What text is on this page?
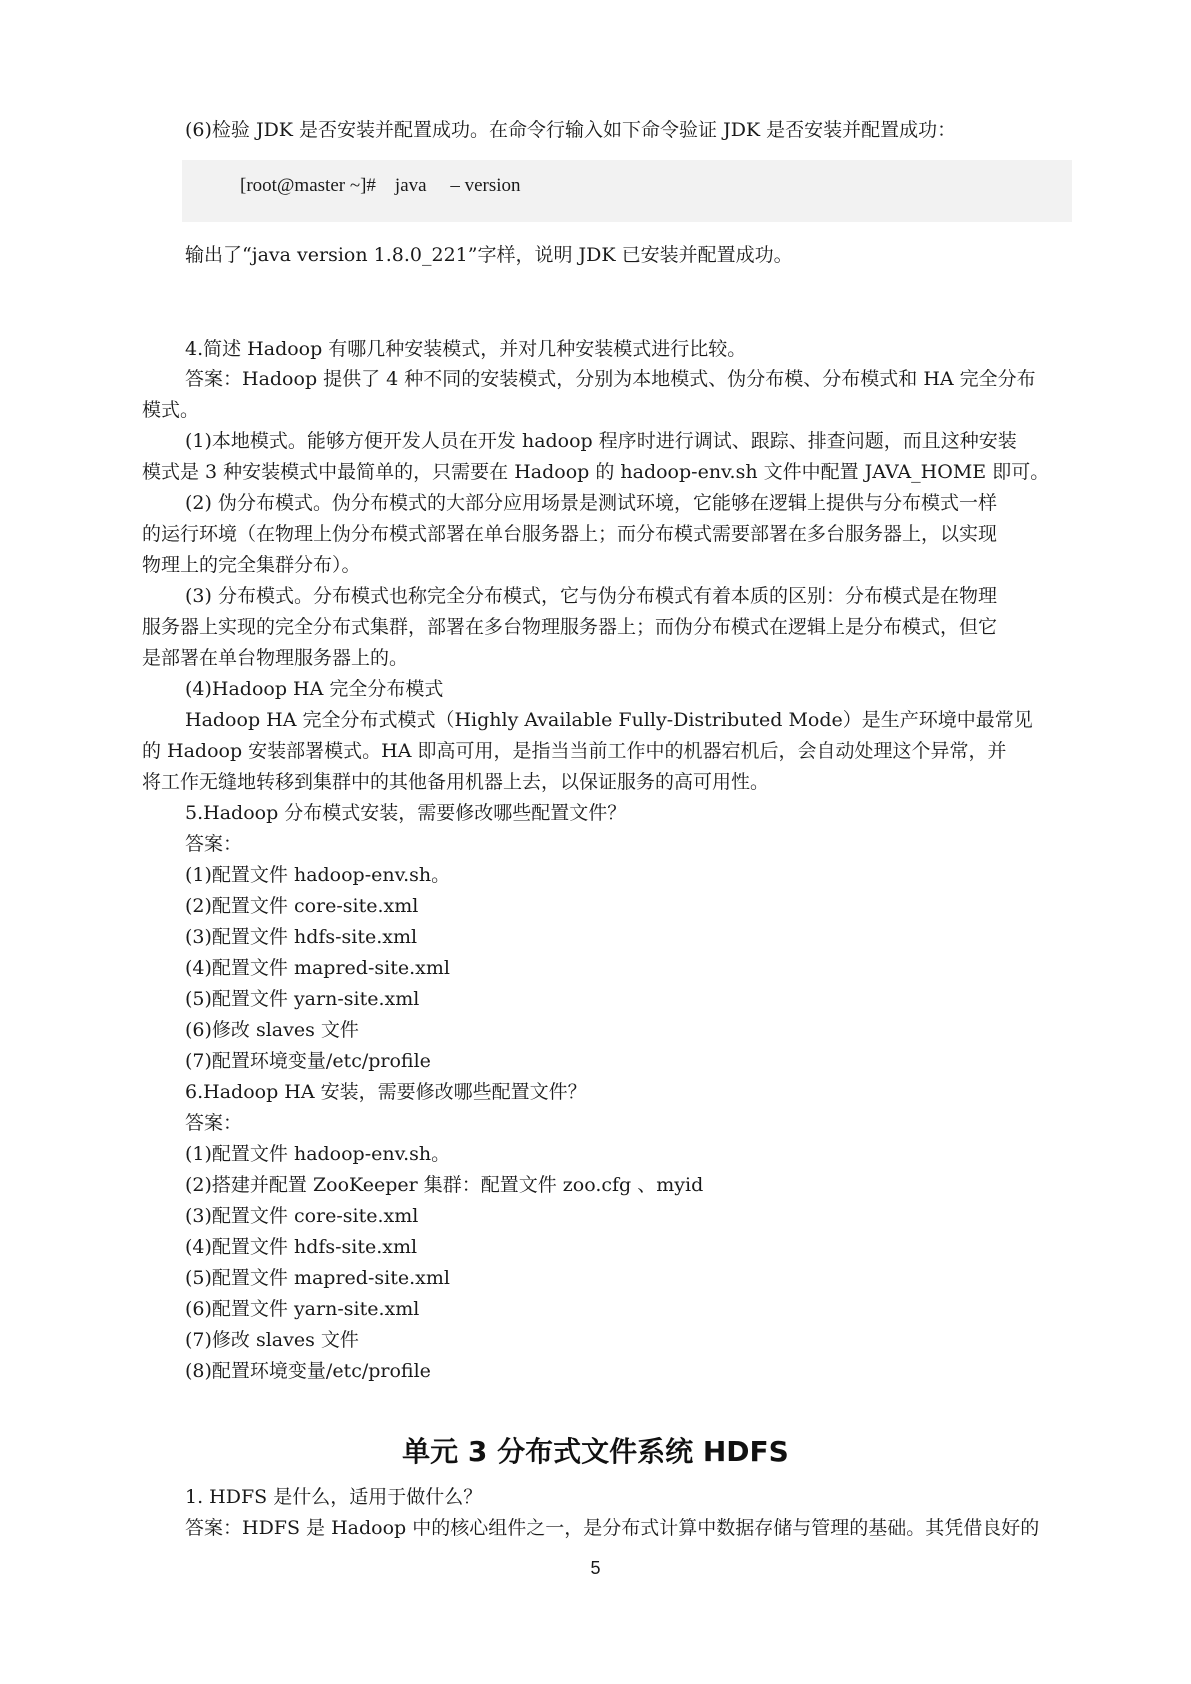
(6)检验 JDK 是否安装并配置成功。在命令行输入如下命令验证 JDK 是否安装并配置成功：
[root@master ~]#    java     – version
输出了“java version 1.8.0_221”字样，说明 JDK 已安装并配置成功。
4.简述 Hadoop 有哪几种安装模式，并对几种安装模式进行比较。
答案：Hadoop 提供了 4 种不同的安装模式，分别为本地模式、伪分布模、分布模式和 HA 完全分布
模式。
(1)本地模式。能够方便开发人员在开发 hadoop 程序时进行调试、跟踪、排查问题，而且这种安装
模式是 3 种安装模式中最简单的，只需要在 Hadoop 的 hadoop-env.sh 文件中配置 JAVA_HOME 即可。
(2) 伪分布模式。伪分布模式的大部分应用场景是测试环境，它能够在逻辑上提供与分布模式一样
的运行环境（在物理上伪分布模式部署在单台服务器上；而分布模式需要部署在多台服务器上，以实现
物理上的完全集群分布）。
(3) 分布模式。分布模式也称完全分布模式，它与伪分布模式有着本质的区别：分布模式是在物理
服务器上实现的完全分布式集群，部署在多台物理服务器上；而伪分布模式在逻辑上是分布模式，但它
是部署在单台物理服务器上的。
(4)Hadoop HA 完全分布模式
Hadoop HA 完全分布式模式（Highly Available Fully-Distributed Mode）是生产环境中最常见
的 Hadoop 安装部署模式。HA 即高可用，是指当当前工作中的机器宕机后，会自动处理这个异常，并
将工作无缝地转移到集群中的其他备用机器上去，以保证服务的高可用性。
5.Hadoop 分布模式安装，需要修改哪些配置文件？
答案：
(1)配置文件 hadoop-env.sh。
(2)配置文件 core-site.xml
(3)配置文件 hdfs-site.xml
(4)配置文件 mapred-site.xml
(5)配置文件 yarn-site.xml
(6)修改 slaves 文件
(7)配置环境变量/etc/profile
6.Hadoop HA 安装，需要修改哪些配置文件？
答案：
(1)配置文件 hadoop-env.sh。
(2)搭建并配置 ZooKeeper 集群：配置文件 zoo.cfg 、myid
(3)配置文件 core-site.xml
(4)配置文件 hdfs-site.xml
(5)配置文件 mapred-site.xml
(6)配置文件 yarn-site.xml
(7)修改 slaves 文件
(8)配置环境变量/etc/profile
单元 3 分布式文件系统 HDFS
1. HDFS 是什么，适用于做什么？
答案：HDFS 是 Hadoop 中的核心组件之一，是分布式计算中数据存储与管理的基础。其凭借良好的
5
